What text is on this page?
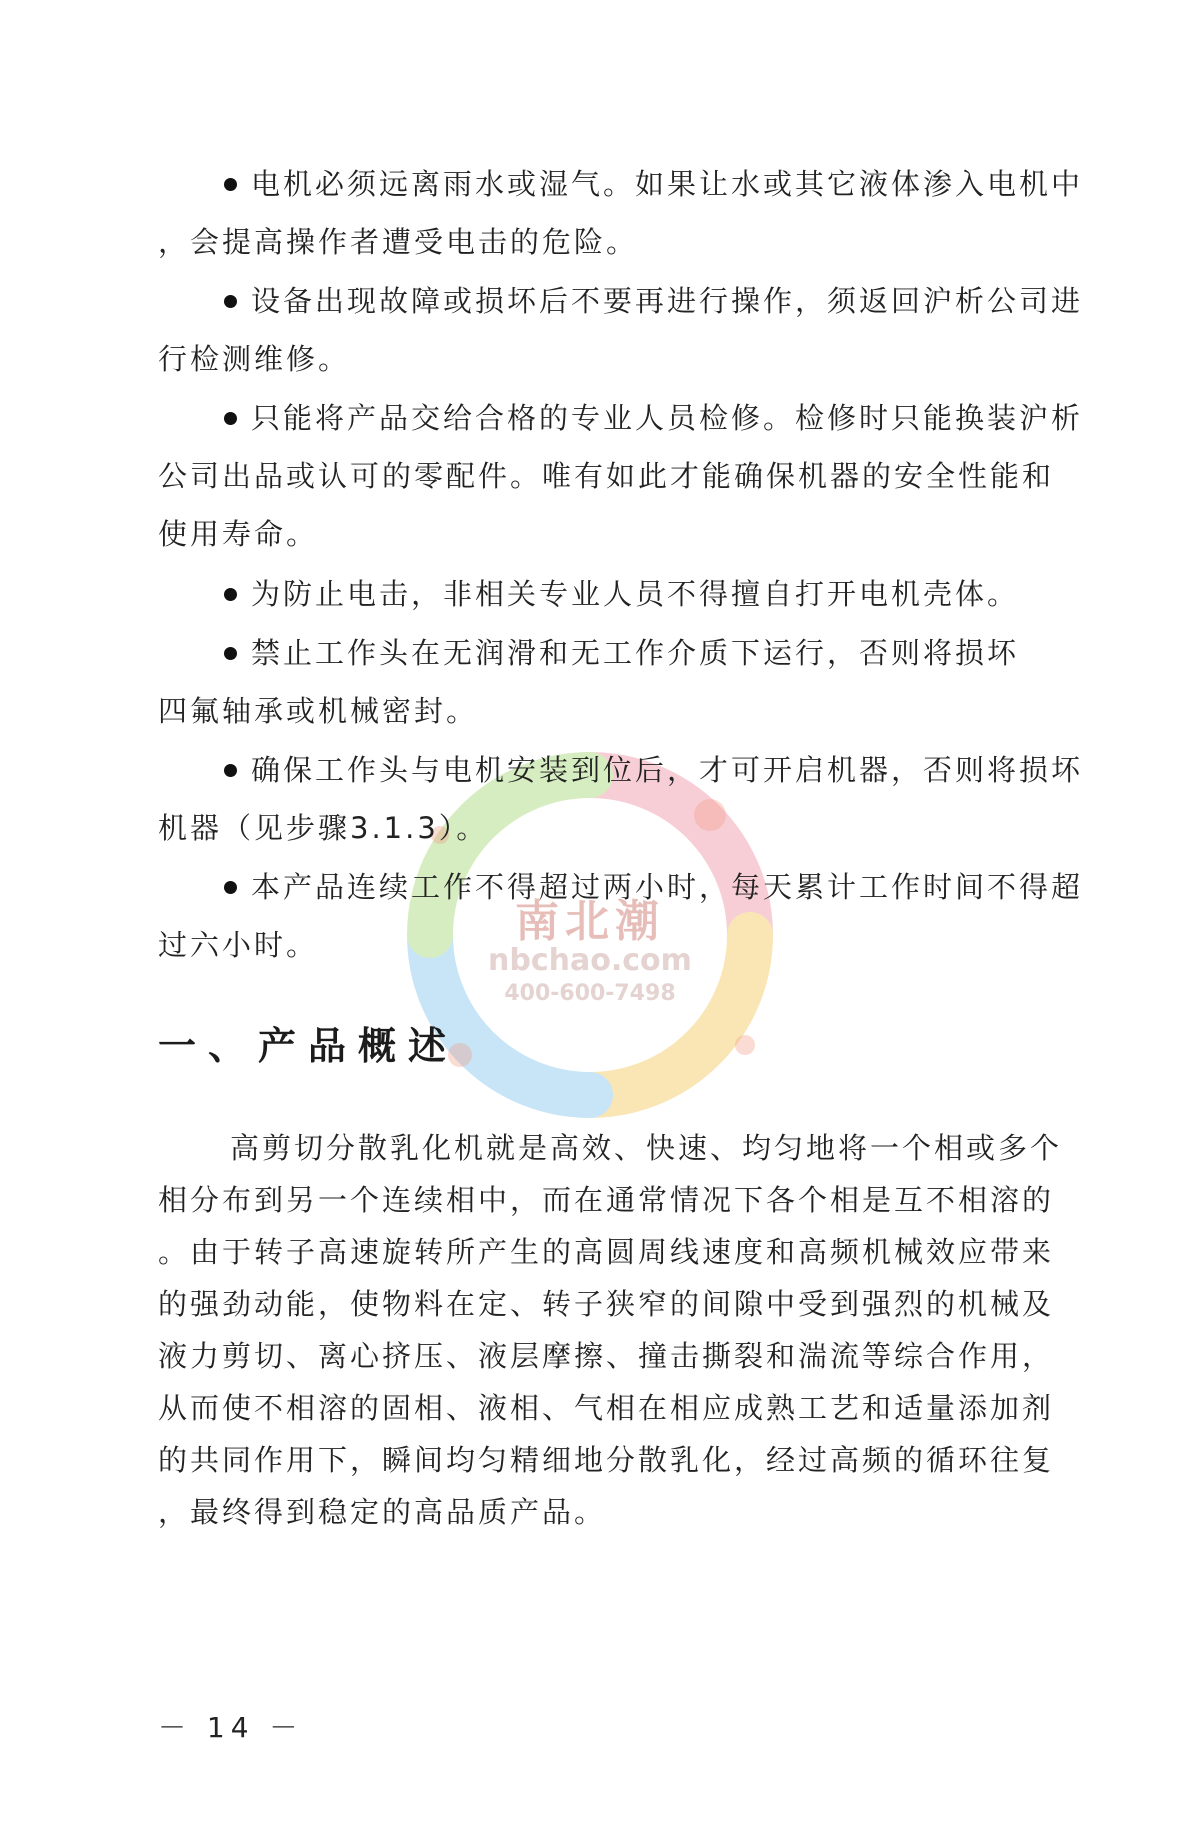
南北潮
nbchao.com
400-600-7498

电机必须远离雨水或湿气。如果让水或其它液体渗入电机中
，会提高操作者遭受电击的危险。

设备出现故障或损坏后不要再进行操作，须返回沪析公司进
行检测维修。

只能将产品交给合格的专业人员检修。检修时只能换装沪析
公司出品或认可的零配件。唯有如此才能确保机器的安全性能和
使用寿命。

为防止电击，非相关专业人员不得擅自打开电机壳体。

禁止工作头在无润滑和无工作介质下运行，否则将损坏
四氟轴承或机械密封。

确保工作头与电机安装到位后，才可开启机器，否则将损坏
机器（见步骤3.1.3）。

本产品连续工作不得超过两小时，每天累计工作时间不得超
过六小时。

一、产品概述

高剪切分散乳化机就是高效、快速、均匀地将一个相或多个
相分布到另一个连续相中，而在通常情况下各个相是互不相溶的
。由于转子高速旋转所产生的高圆周线速度和高频机械效应带来
的强劲动能，使物料在定、转子狭窄的间隙中受到强烈的机械及
液力剪切、离心挤压、液层摩擦、撞击撕裂和湍流等综合作用，
从而使不相溶的固相、液相、气相在相应成熟工艺和适量添加剂
的共同作用下，瞬间均匀精细地分散乳化，经过高频的循环往复
，最终得到稳定的高品质产品。

－ 14 －
